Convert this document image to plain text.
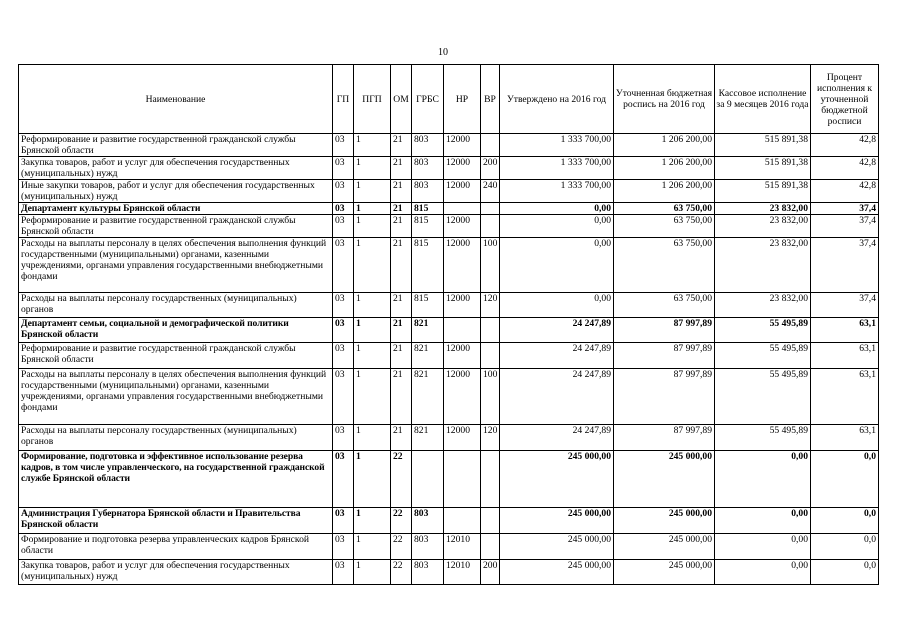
10
Наименование	ГП	ПГП	ОМ	ГРБС	НР	ВР	Утверждено на 2016 год	Уточненная бюджетная роспись на 2016 год	Кассовое исполнение за 9 месяцев 2016 года	Процент исполнения к уточненной бюджетной росписи
Реформирование и развитие государственной гражданской службы Брянской области	03	1	21	803	12000		1 333 700,00	1 206 200,00	515 891,38	42,8
Закупка товаров, работ и услуг для обеспечения государственных (муниципальных) нужд	03	1	21	803	12000	200	1 333 700,00	1 206 200,00	515 891,38	42,8
Иные закупки товаров, работ и услуг для обеспечения государственных (муниципальных) нужд	03	1	21	803	12000	240	1 333 700,00	1 206 200,00	515 891,38	42,8
Департамент культуры Брянской области	03	1	21	815			0,00	63 750,00	23 832,00	37,4
Реформирование и развитие государственной гражданской службы Брянской области	03	1	21	815	12000		0,00	63 750,00	23 832,00	37,4
Расходы на выплаты персоналу в целях обеспечения выполнения функций государственными (муниципальными) органами, казенными учреждениями, органами управления государственными внебюджетными фондами	03	1	21	815	12000	100	0,00	63 750,00	23 832,00	37,4
Расходы на выплаты персоналу государственных (муниципальных) органов	03	1	21	815	12000	120	0,00	63 750,00	23 832,00	37,4
Департамент семьи, социальной и демографической политики Брянской области	03	1	21	821			24 247,89	87 997,89	55 495,89	63,1
Реформирование и развитие государственной гражданской службы Брянской области	03	1	21	821	12000		24 247,89	87 997,89	55 495,89	63,1
Расходы на выплаты персоналу в целях обеспечения выполнения функций государственными (муниципальными) органами, казенными учреждениями, органами управления государственными внебюджетными фондами	03	1	21	821	12000	100	24 247,89	87 997,89	55 495,89	63,1
Расходы на выплаты персоналу государственных (муниципальных) органов	03	1	21	821	12000	120	24 247,89	87 997,89	55 495,89	63,1
Формирование, подготовка и эффективное использование резерва кадров, в том числе управленческого, на государственной гражданской службе Брянской области	03	1	22				245 000,00	245 000,00	0,00	0,0
Администрация Губернатора Брянской области и Правительства Брянской области	03	1	22	803			245 000,00	245 000,00	0,00	0,0
Формирование и подготовка резерва управленческих кадров Брянской области	03	1	22	803	12010		245 000,00	245 000,00	0,00	0,0
Закупка товаров, работ и услуг для обеспечения государственных (муниципальных) нужд	03	1	22	803	12010	200	245 000,00	245 000,00	0,00	0,0
